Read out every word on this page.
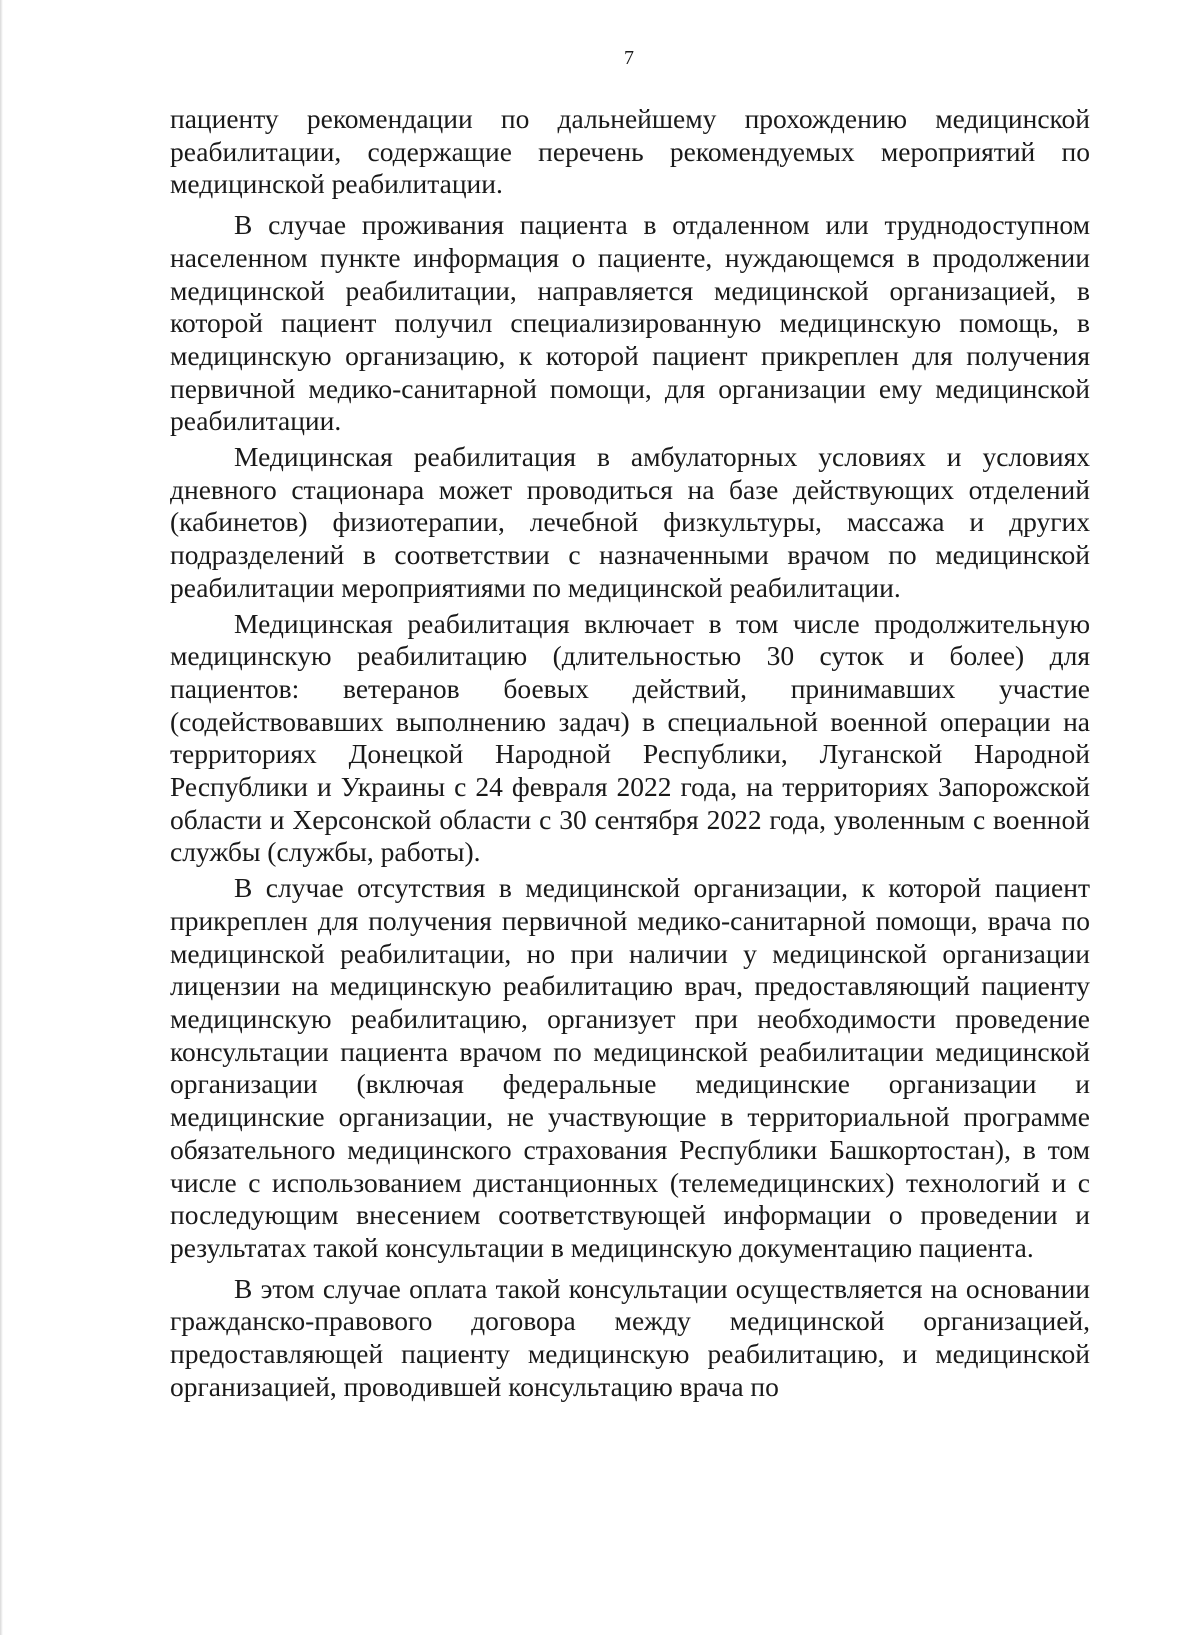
7

пациенту рекомендации по дальнейшему прохождению медицинской реабилитации, содержащие перечень рекомендуемых мероприятий по медицинской реабилитации.

В случае проживания пациента в отдаленном или труднодоступном населенном пункте информация о пациенте, нуждающемся в продолжении медицинской реабилитации, направляется медицинской организацией, в которой пациент получил специализированную медицинскую помощь, в медицинскую организацию, к которой пациент прикреплен для получения первичной медико-санитарной помощи, для организации ему медицинской реабилитации.

Медицинская реабилитация в амбулаторных условиях и условиях дневного стационара может проводиться на базе действующих отделений (кабинетов) физиотерапии, лечебной физкультуры, массажа и других подразделений в соответствии с назначенными врачом по медицинской реабилитации мероприятиями по медицинской реабилитации.

Медицинская реабилитация включает в том числе продолжительную медицинскую реабилитацию (длительностью 30 суток и более) для пациентов: ветеранов боевых действий, принимавших участие (содействовавших выполнению задач) в специальной военной операции на территориях Донецкой Народной Республики, Луганской Народной Республики и Украины с 24 февраля 2022 года, на территориях Запорожской области и Херсонской области с 30 сентября 2022 года, уволенным с военной службы (службы, работы).

В случае отсутствия в медицинской организации, к которой пациент прикреплен для получения первичной медико-санитарной помощи, врача по медицинской реабилитации, но при наличии у медицинской организации лицензии на медицинскую реабилитацию врач, предоставляющий пациенту медицинскую реабилитацию, организует при необходимости проведение консультации пациента врачом по медицинской реабилитации медицинской организации (включая федеральные медицинские организации и медицинские организации, не участвующие в территориальной программе обязательного медицинского страхования Республики Башкортостан), в том числе с использованием дистанционных (телемедицинских) технологий и с последующим внесением соответствующей информации о проведении и результатах такой консультации в медицинскую документацию пациента.

В этом случае оплата такой консультации осуществляется на основании гражданско-правового договора между медицинской организацией, предоставляющей пациенту медицинскую реабилитацию, и медицинской организацией, проводившей консультацию врача по
